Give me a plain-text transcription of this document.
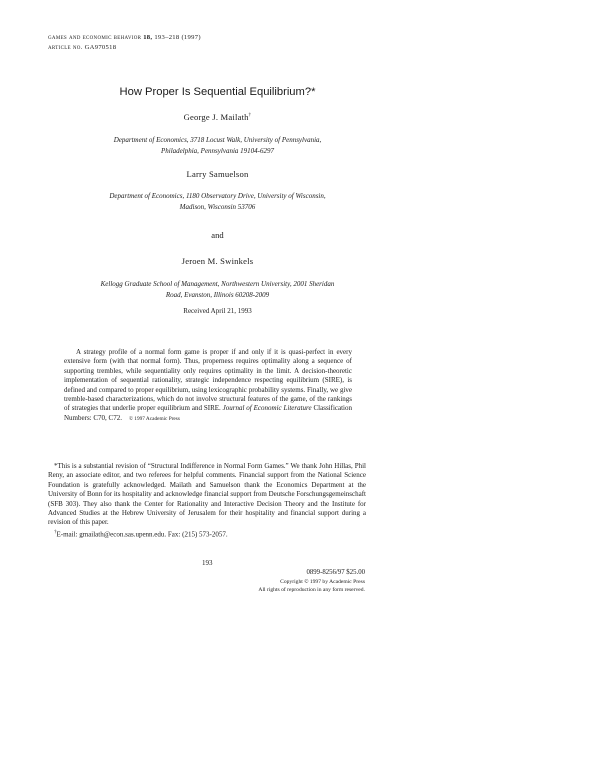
games and economic behavior 18, 193–218 (1997)
article no. GA970518
How Proper Is Sequential Equilibrium?*
George J. Mailath†
Department of Economics, 3718 Locust Walk, University of Pennsylvania,
Philadelphia, Pennsylvania 19104-6297
Larry Samuelson
Department of Economics, 1180 Observatory Drive, University of Wisconsin,
Madison, Wisconsin 53706
and
Jeroen M. Swinkels
Kellogg Graduate School of Management, Northwestern University, 2001 Sheridan
Road, Evanston, Illinois 60208-2009
Received April 21, 1993

A strategy profile of a normal form game is proper if and only if it is quasi-perfect in every extensive form (with that normal form). Thus, properness requires optimality along a sequence of supporting trembles, while sequentiality only requires optimality in the limit. A decision-theoretic implementation of sequential rationality, strategic independence respecting equilibrium (SIRE), is defined and compared to proper equilibrium, using lexicographic probability systems. Finally, we give tremble-based characterizations, which do not involve structural features of the game, of the rankings of strategies that underlie proper equilibrium and SIRE. Journal of Economic Literature Classification Numbers: C70, C72. © 1997 Academic Press

*This is a substantial revision of “Structural Indifference in Normal Form Games.” We thank John Hillas, Phil Reny, an associate editor, and two referees for helpful comments. Financial support from the National Science Foundation is gratefully acknowledged. Mailath and Samuelson thank the Economics Department at the University of Bonn for its hospitality and acknowledge financial support from Deutsche Forschungsgemeinschaft (SFB 303). They also thank the Center for Rationality and Interactive Decision Theory and the Institute for Advanced Studies at the Hebrew University of Jerusalem for their hospitality and financial support during a revision of this paper.

†E-mail: gmailath@econ.sas.upenn.edu. Fax: (215) 573-2057.

193
0899-8256/97 $25.00
Copyright © 1997 by Academic Press
All rights of reproduction in any form reserved.
